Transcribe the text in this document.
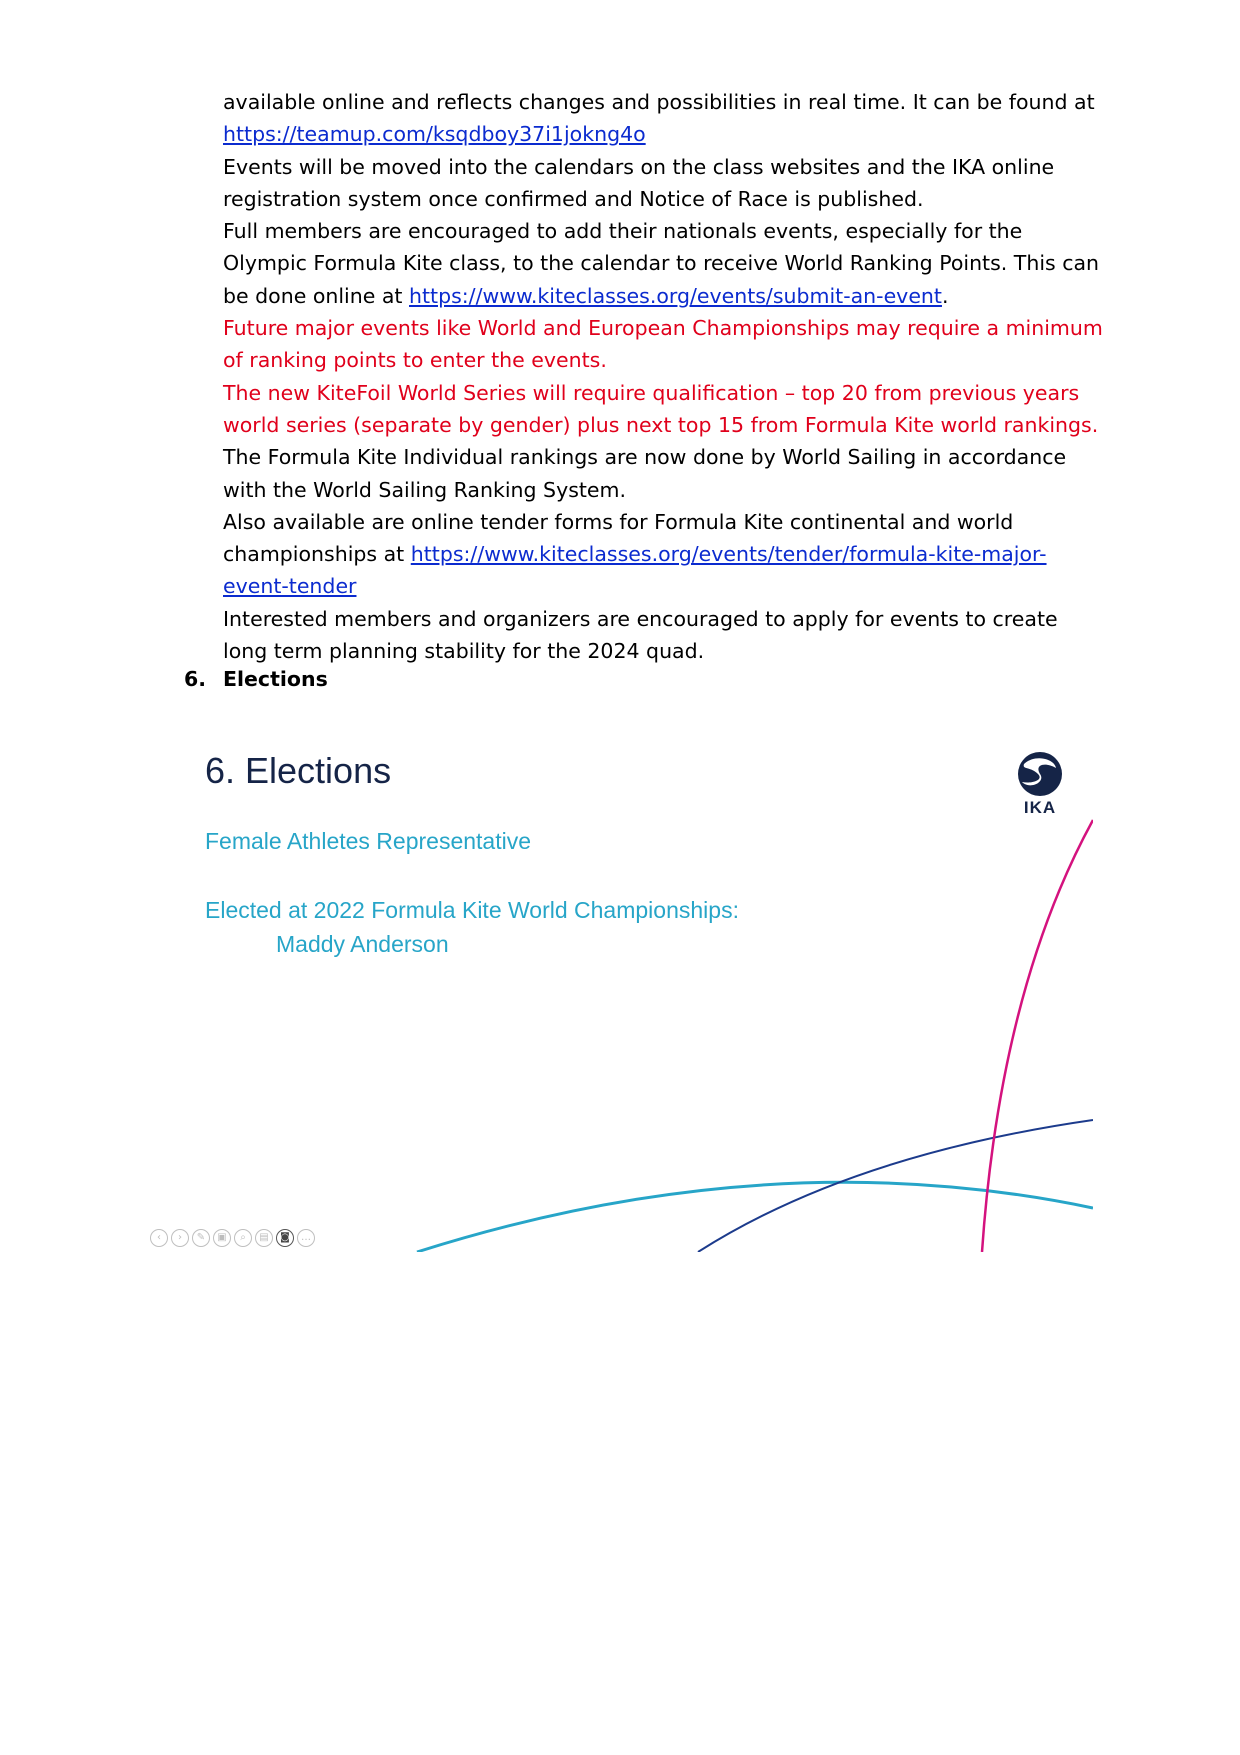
available online and reflects changes and possibilities in real time. It can be found at
https://teamup.com/ksqdboy37i1jokng4o

Events will be moved into the calendars on the class websites and the IKA online registration system once confirmed and Notice of Race is published.

Full members are encouraged to add their nationals events, especially for the Olympic Formula Kite class, to the calendar to receive World Ranking Points. This can be done online at https://www.kiteclasses.org/events/submit-an-event.

Future major events like World and European Championships may require a minimum of ranking points to enter the events.

The new KiteFoil World Series will require qualification – top 20 from previous years world series (separate by gender) plus next top 15 from Formula Kite world rankings.

The Formula Kite Individual rankings are now done by World Sailing in accordance with the World Sailing Ranking System.

Also available are online tender forms for Formula Kite continental and world championships at https://www.kiteclasses.org/events/tender/formula-kite-major-event-tender

Interested members and organizers are encouraged to apply for events to create long term planning stability for the 2024 quad.

6. Elections
6. Elections
Female Athletes Representative
Elected at 2022 Formula Kite World Championships:
Maddy Anderson
IKA
‹ › ✎ ▣ ⌕ ▤ ◙ …
